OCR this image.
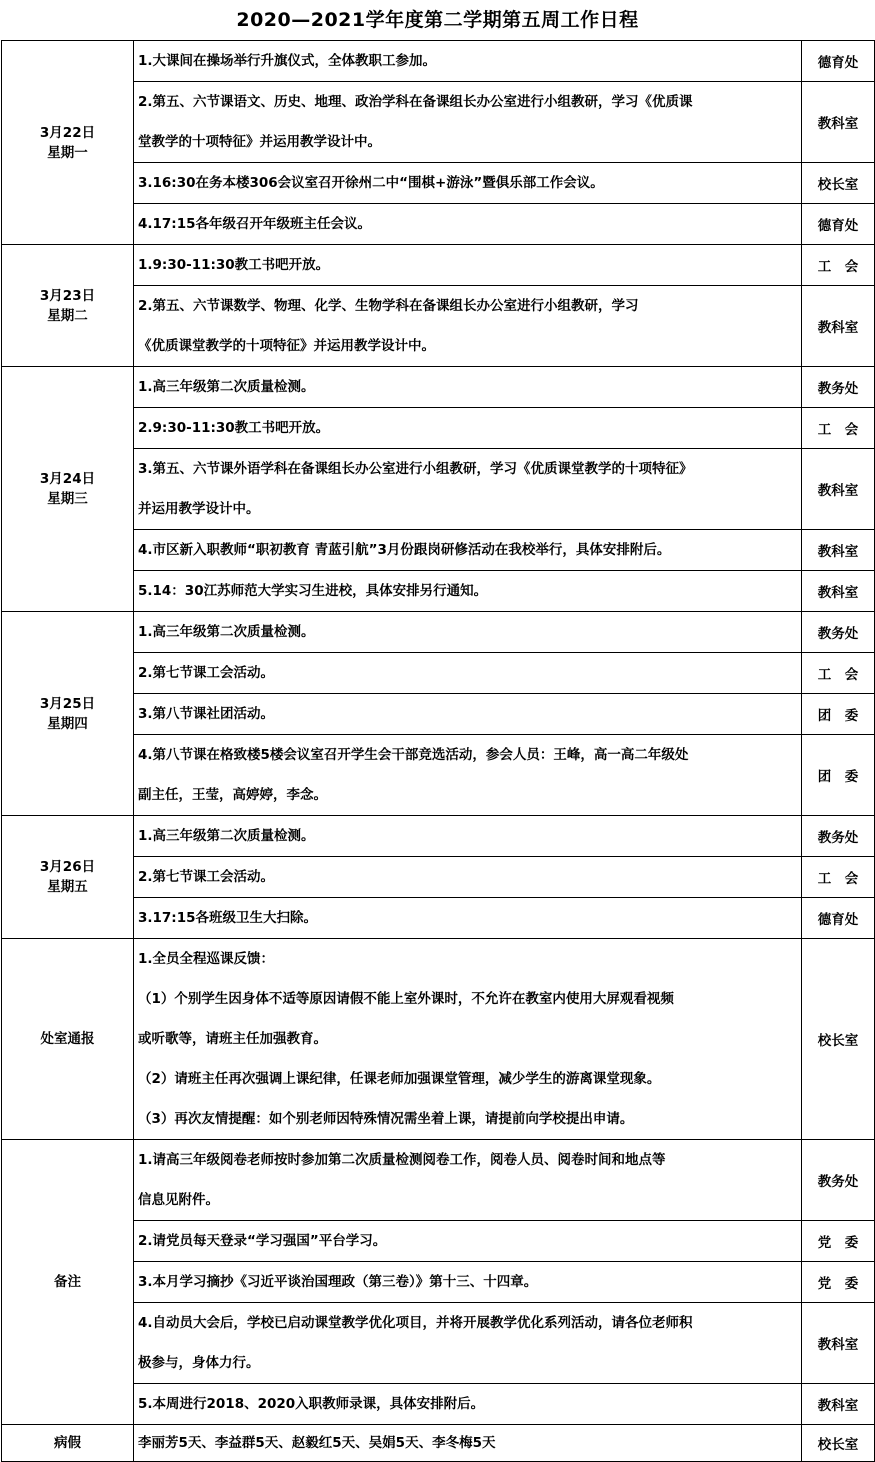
2020—2021学年度第二学期第五周工作日程
3月22日
星期一	1.大课间在操场举行升旗仪式，全体教职工参加。	德育处

	2.第五、六节课语文、历史、地理、政治学科在备课组长办公室进行小组教研，学习《优质课
堂教学的十项特征》并运用教学设计中。	教科室

	3.16:30在务本楼306会议室召开徐州二中“围棋+游泳”暨俱乐部工作会议。	校长室

	4.17:15各年级召开年级班主任会议。	德育处

3月23日
星期二	1.9:30-11:30教工书吧开放。	工　会

	2.第五、六节课数学、物理、化学、生物学科在备课组长办公室进行小组教研，学习
《优质课堂教学的十项特征》并运用教学设计中。	教科室

3月24日
星期三	1.高三年级第二次质量检测。	教务处

	2.9:30-11:30教工书吧开放。	工　会

	3.第五、六节课外语学科在备课组长办公室进行小组教研，学习《优质课堂教学的十项特征》
并运用教学设计中。	教科室

	4.市区新入职教师“职初教育 青蓝引航”3月份跟岗研修活动在我校举行，具体安排附后。	教科室

	5.14：30江苏师范大学实习生进校，具体安排另行通知。	教科室

3月25日
星期四	1.高三年级第二次质量检测。	教务处

	2.第七节课工会活动。	工　会

	3.第八节课社团活动。	团　委

	4.第八节课在格致楼5楼会议室召开学生会干部竞选活动，参会人员：王峰，高一高二年级处
副主任，王莹，高婷婷，李念。	团　委

3月26日
星期五	1.高三年级第二次质量检测。	教务处

	2.第七节课工会活动。	工　会

	3.17:15各班级卫生大扫除。	德育处
处室通报	1.全员全程巡课反馈：
（1）个别学生因身体不适等原因请假不能上室外课时，不允许在教室内使用大屏观看视频
或听歌等，请班主任加强教育。
（2）请班主任再次强调上课纪律，任课老师加强课堂管理，减少学生的游离课堂现象。
（3）再次友情提醒：如个别老师因特殊情况需坐着上课，请提前向学校提出申请。	校长室
备注	1.请高三年级阅卷老师按时参加第二次质量检测阅卷工作，阅卷人员、阅卷时间和地点等
信息见附件。	教务处

	2.请党员每天登录“学习强国”平台学习。	党　委

	3.本月学习摘抄《习近平谈治国理政（第三卷）》第十三、十四章。	党　委

	4.自动员大会后，学校已启动课堂教学优化项目，并将开展教学优化系列活动，请各位老师积
极参与，身体力行。	教科室

	5.本周进行2018、2020入职教师录课，具体安排附后。	教科室
病假	李丽芳5天、李益群5天、赵毅红5天、吴娟5天、李冬梅5天	校长室
